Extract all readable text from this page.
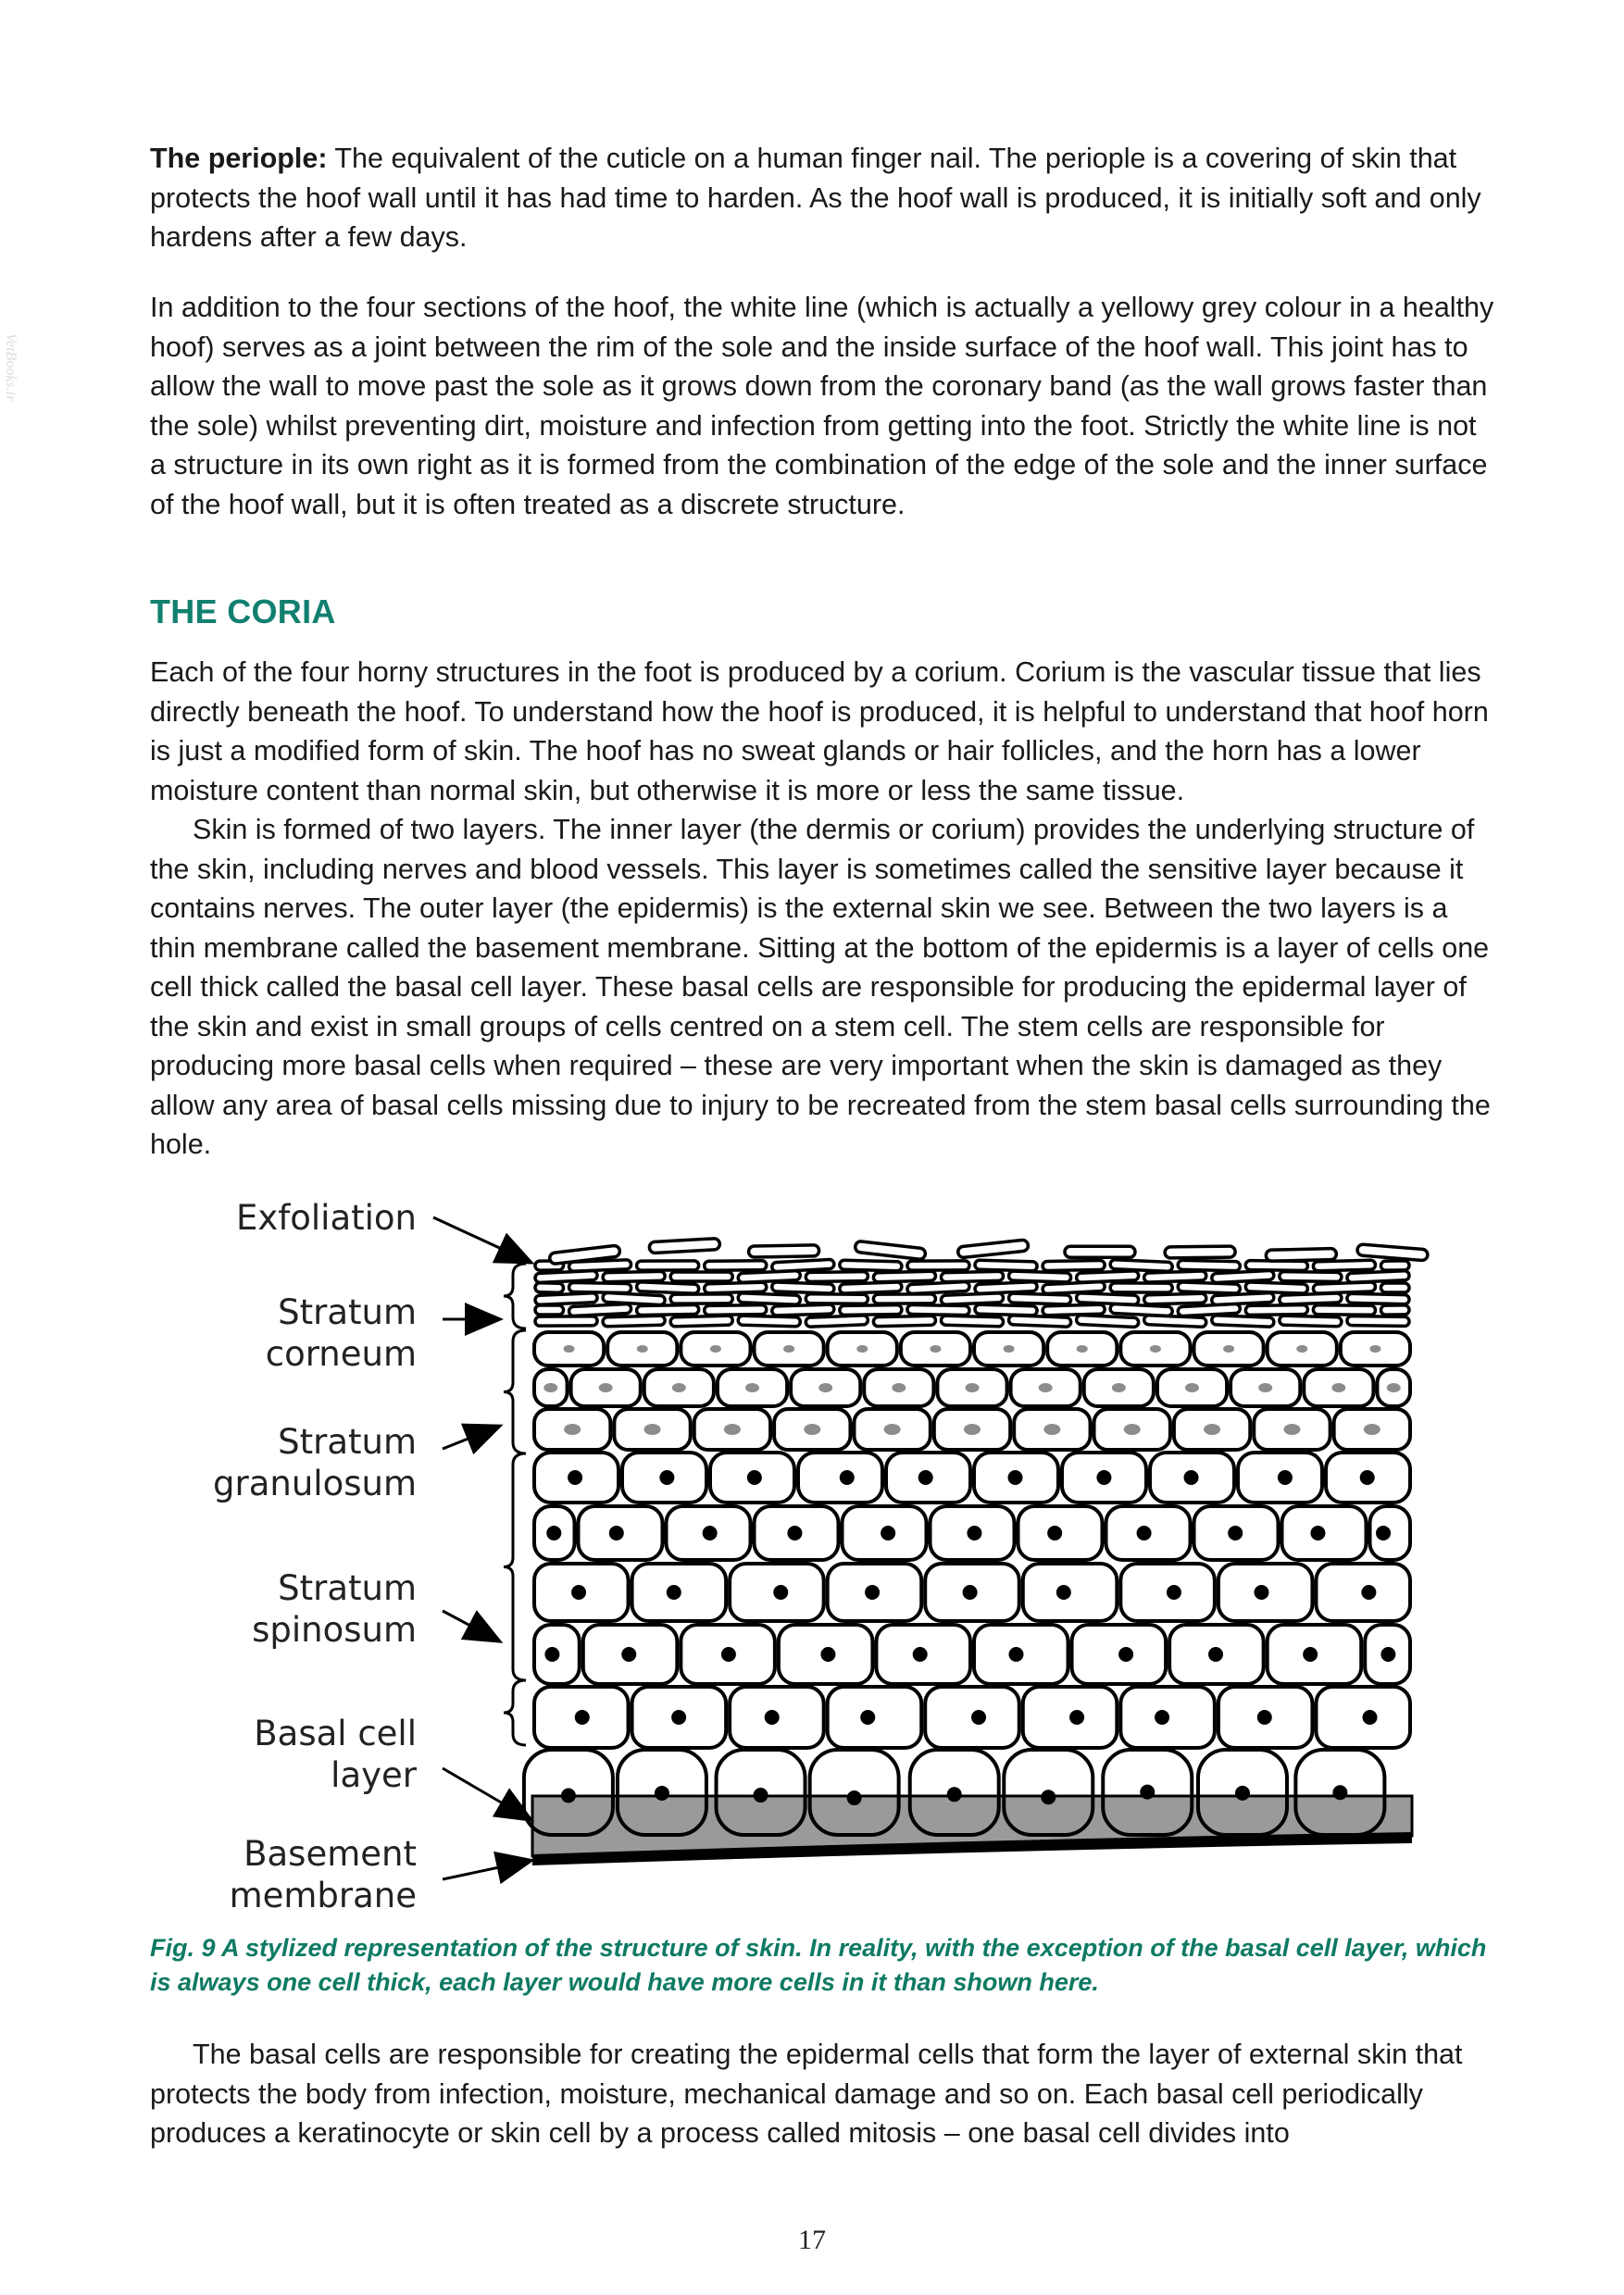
VetBooks.ir

The periople: The equivalent of the cuticle on a human finger nail. The periople is a covering of skin that protects the hoof wall until it has had time to harden. As the hoof wall is produced, it is initially soft and only hardens after a few days.

In addition to the four sections of the hoof, the white line (which is actually a yellowy grey colour in a healthy hoof) serves as a joint between the rim of the sole and the inside surface of the hoof wall. This joint has to allow the wall to move past the sole as it grows down from the coronary band (as the wall grows faster than the sole) whilst preventing dirt, moisture and infection from getting into the foot. Strictly the white line is not a structure in its own right as it is formed from the combination of the edge of the sole and the inner surface of the hoof wall, but it is often treated as a discrete structure.

THE CORIA

Each of the four horny structures in the foot is produced by a corium. Corium is the vascular tissue that lies directly beneath the hoof. To understand how the hoof is produced, it is helpful to understand that hoof horn is just a modified form of skin. The hoof has no sweat glands or hair follicles, and the horn has a lower moisture content than normal skin, but otherwise it is more or less the same tissue.

Skin is formed of two layers. The inner layer (the dermis or corium) provides the underlying structure of the skin, including nerves and blood vessels. This layer is sometimes called the sensitive layer because it contains nerves. The outer layer (the epidermis) is the external skin we see. Between the two layers is a thin membrane called the basement membrane. Sitting at the bottom of the epidermis is a layer of cells one cell thick called the basal cell layer. These basal cells are responsible for producing the epidermal layer of the skin and exist in small groups of cells centred on a stem cell. The stem cells are responsible for producing more basal cells when required – these are very important when the skin is damaged as they allow any area of basal cells missing due to injury to be recreated from the stem basal cells surrounding the hole.

Exfoliation
Stratum
corneum
Stratum
granulosum
Stratum
spinosum
Basal cell
layer
Basement
membrane
Fig. 9 A stylized representation of the structure of skin. In reality, with the exception of the basal cell layer, which is always one cell thick, each layer would have more cells in it than shown here.

The basal cells are responsible for creating the epidermal cells that form the layer of external skin that protects the body from infection, moisture, mechanical damage and so on. Each basal cell periodically produces a keratinocyte or skin cell by a process called mitosis – one basal cell divides into

17
